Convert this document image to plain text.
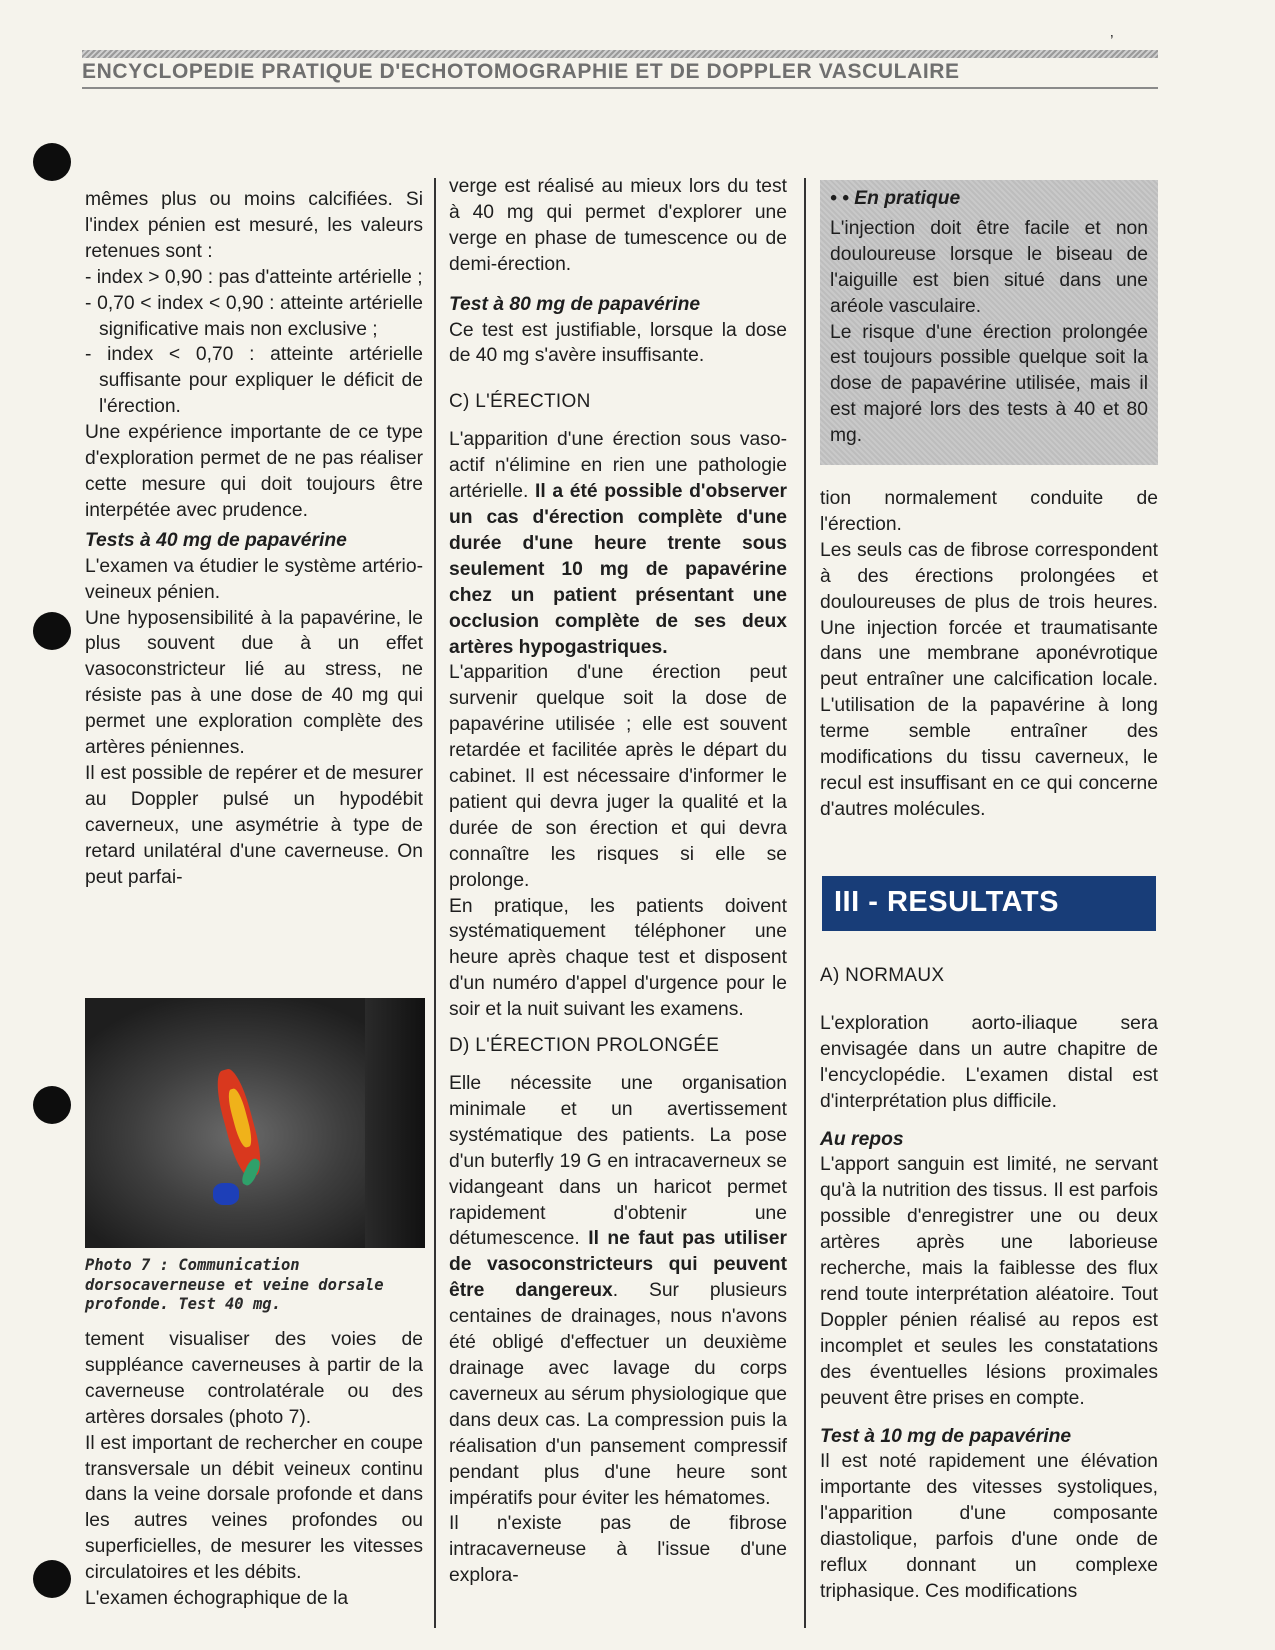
ENCYCLOPEDIE PRATIQUE D'ECHOTOMOGRAPHIE ET DE DOPPLER VASCULAIRE
’

mêmes plus ou moins calcifiées. Si l'index pénien est mesuré, les valeurs retenues sont :

- index > 0,90 : pas d'atteinte artérielle ;

- 0,70 < index < 0,90 : atteinte artérielle significative mais non exclusive ;

- index < 0,70 : atteinte artérielle suffisante pour expliquer le déficit de l'érection.

Une expérience importante de ce type d'exploration permet de ne pas réaliser cette mesure qui doit toujours être interpétée avec prudence.

Tests à 40 mg de papavérine

L'examen va étudier le système artério-veineux pénien.

Une hyposensibilité à la papavérine, le plus souvent due à un effet vasoconstricteur lié au stress, ne résiste pas à une dose de 40 mg qui permet une exploration complète des artères péniennes.

Il est possible de repérer et de mesurer au Doppler pulsé un hypodébit caverneux, une asymétrie à type de retard unilatéral d'une caverneuse. On peut parfai-

Photo 7 : Communication dorsocaverneuse et veine dorsale profonde. Test 40 mg.

tement visualiser des voies de suppléance caverneuses à partir de la caverneuse controlatérale ou des artères dorsales (photo 7).

Il est important de rechercher en coupe transversale un débit veineux continu dans la veine dorsale profonde et dans les autres veines profondes ou superficielles, de mesurer les vitesses circulatoires et les débits.

L'examen échographique de la

verge est réalisé au mieux lors du test à 40 mg qui permet d'explorer une verge en phase de tumescence ou de demi-érection.

Test à 80 mg de papavérine

Ce test est justifiable, lorsque la dose de 40 mg s'avère insuffisante.

C) L'ÉRECTION

L'apparition d'une érection sous vaso-actif n'élimine en rien une pathologie artérielle. Il a été possible d'observer un cas d'érection complète d'une durée d'une heure trente sous seulement 10 mg de papavérine chez un patient présentant une occlusion complète de ses deux artères hypogastriques.

L'apparition d'une érection peut survenir quelque soit la dose de papavérine utilisée ; elle est souvent retardée et facilitée après le départ du cabinet. Il est nécessaire d'informer le patient qui devra juger la qualité et la durée de son érection et qui devra connaître les risques si elle se prolonge.

En pratique, les patients doivent systématiquement téléphoner une heure après chaque test et disposent d'un numéro d'appel d'urgence pour le soir et la nuit suivant les examens.

D) L'ÉRECTION PROLONGÉE

Elle nécessite une organisation minimale et un avertissement systématique des patients. La pose d'un buterfly 19 G en intracaverneux se vidangeant dans un haricot permet rapidement d'obtenir une détumescence. Il ne faut pas utiliser de vasoconstricteurs qui peuvent être dangereux. Sur plusieurs centaines de drainages, nous n'avons été obligé d'effectuer un deuxième drainage avec lavage du corps caverneux au sérum physiologique que dans deux cas. La compression puis la réalisation d'un pansement compressif pendant plus d'une heure sont impératifs pour éviter les hématomes.

Il n'existe pas de fibrose intracaverneuse à l'issue d'une explora-

• • En pratique

L'injection doit être facile et non douloureuse lorsque le biseau de l'aiguille est bien situé dans une aréole vasculaire.

Le risque d'une érection prolongée est toujours possible quelque soit la dose de papavérine utilisée, mais il est majoré lors des tests à 40 et 80 mg.

tion normalement conduite de l'érection.

Les seuls cas de fibrose correspondent à des érections prolongées et douloureuses de plus de trois heures. Une injection forcée et traumatisante dans une membrane aponévrotique peut entraîner une calcification locale. L'utilisation de la papavérine à long terme semble entraîner des modifications du tissu caverneux, le recul est insuffisant en ce qui concerne d'autres molécules.

III - RESULTATS

A) NORMAUX

L'exploration aorto-iliaque sera envisagée dans un autre chapitre de l'encyclopédie. L'examen distal est d'interprétation plus difficile.

Au repos

L'apport sanguin est limité, ne servant qu'à la nutrition des tissus. Il est parfois possible d'enregistrer une ou deux artères après une laborieuse recherche, mais la faiblesse des flux rend toute interprétation aléatoire. Tout Doppler pénien réalisé au repos est incomplet et seules les constatations des éventuelles lésions proximales peuvent être prises en compte.

Test à 10 mg de papavérine

Il est noté rapidement une élévation importante des vitesses systoliques, l'apparition d'une composante diastolique, parfois d'une onde de reflux donnant un complexe triphasique. Ces modifications
